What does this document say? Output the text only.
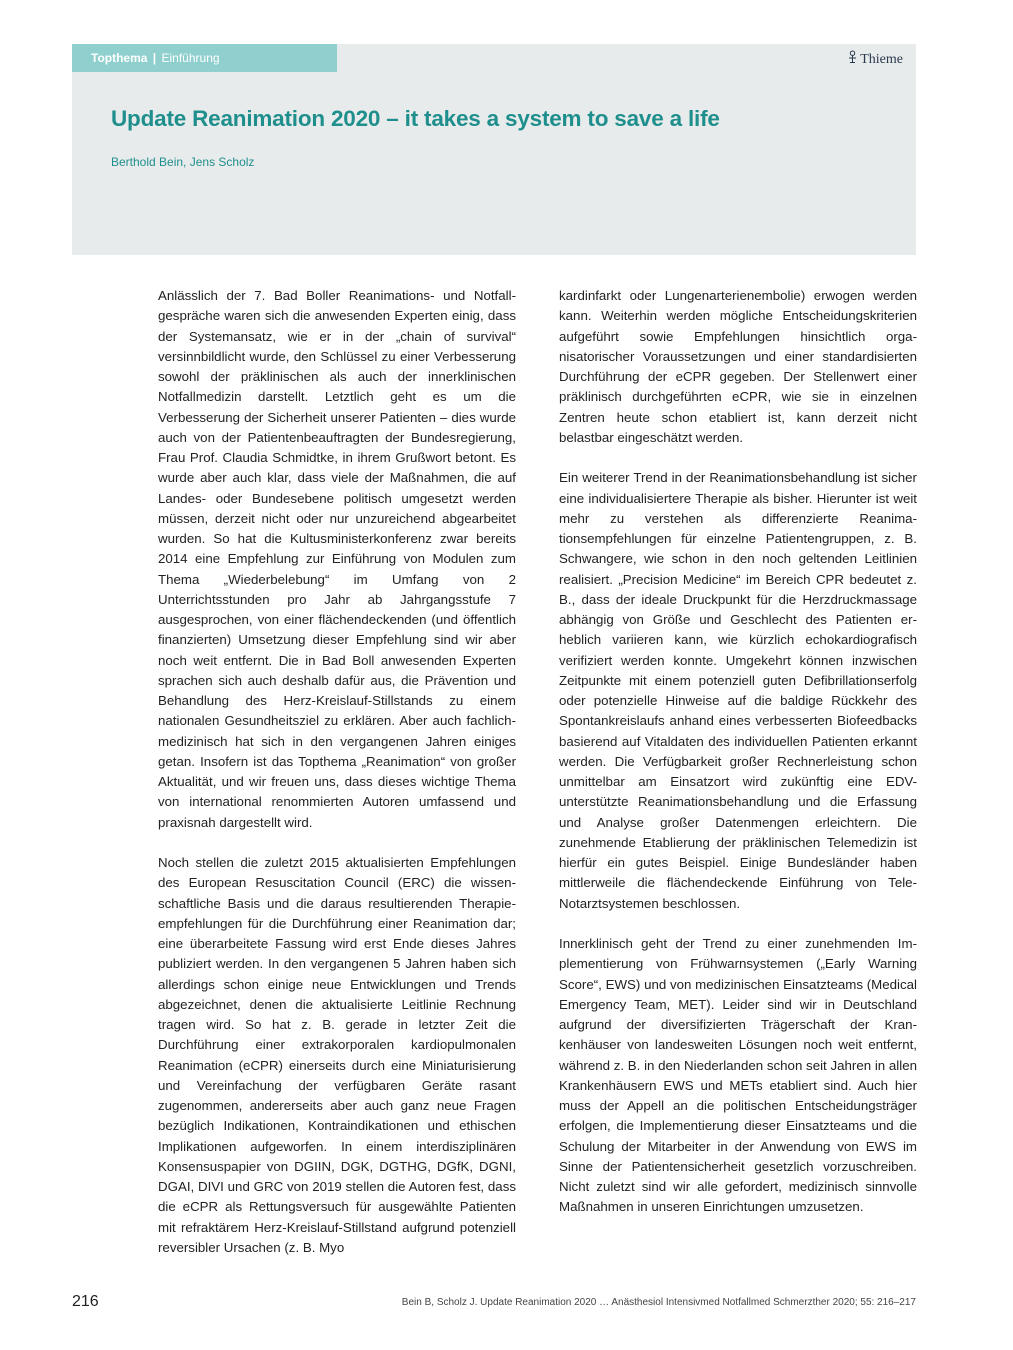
Topthema | Einführung	Thieme
Update Reanimation 2020 – it takes a system to save a life
Berthold Bein, Jens Scholz

Anlässlich der 7. Bad Boller Reanimations- und Notfallgespräche waren sich die anwesenden Experten einig, dass der Systemansatz, wie er in der „chain of survival“ versinnbildlicht wurde, den Schlüssel zu einer Verbesserung sowohl der präklinischen als auch der innerklinischen Notfallmedizin darstellt. Letztlich geht es um die Verbesserung der Sicherheit unserer Patienten – dies wurde auch von der Patientenbeauftragten der Bundesregierung, Frau Prof. Claudia Schmidtke, in ihrem Grußwort betont. Es wurde aber auch klar, dass viele der Maßnahmen, die auf Landes- oder Bundesebene politisch umgesetzt werden müssen, derzeit nicht oder nur unzureichend abgearbeitet wurden. So hat die Kultusministerkonferenz zwar bereits 2014 eine Empfehlung zur Einführung von Modulen zum Thema „Wiederbelebung“ im Umfang von 2 Unterrichtsstunden pro Jahr ab Jahrgangsstufe 7 ausgesprochen, von einer flächendeckenden (und öffentlich finanzierten) Umsetzung dieser Empfehlung sind wir aber noch weit entfernt. Die in Bad Boll anwesenden Experten sprachen sich auch deshalb dafür aus, die Prävention und Behandlung des Herz-Kreislauf-Stillstands zu einem nationalen Gesundheitsziel zu erklären. Aber auch fachlich-medizinisch hat sich in den vergangenen Jahren einiges getan. Insofern ist das Topthema „Reanimation“ von großer Aktualität, und wir freuen uns, dass dieses wichtige Thema von international renommierten Autoren umfassend und praxisnah dargestellt wird.

Noch stellen die zuletzt 2015 aktualisierten Empfehlungen des European Resuscitation Council (ERC) die wissenschaftliche Basis und die daraus resultierenden Therapieempfehlungen für die Durchführung einer Reanimation dar; eine überarbeitete Fassung wird erst Ende dieses Jahres publiziert werden. In den vergangenen 5 Jahren haben sich allerdings schon einige neue Entwicklungen und Trends abgezeichnet, denen die aktualisierte Leitlinie Rechnung tragen wird. So hat z. B. gerade in letzter Zeit die Durchführung einer extrakorporalen kardiopulmonalen Reanimation (eCPR) einerseits durch eine Miniaturisierung und Vereinfachung der verfügbaren Geräte rasant zugenommen, andererseits aber auch ganz neue Fragen bezüglich Indikationen, Kontraindikationen und ethischen Implikationen aufgeworfen. In einem interdisziplinären Konsensuspapier von DGIIN, DGK, DGTHG, DGfK, DGNI, DGAI, DIVI und GRC von 2019 stellen die Autoren fest, dass die eCPR als Rettungsversuch für ausgewählte Patienten mit refraktärem Herz-Kreislauf-Stillstand aufgrund potenziell reversibler Ursachen (z. B. Myo

kardinfarkt oder Lungenarterienembolie) erwogen werden kann. Weiterhin werden mögliche Entscheidungskriterien aufgeführt sowie Empfehlungen hinsichtlich organisatorischer Voraussetzungen und einer standardisierten Durchführung der eCPR gegeben. Der Stellenwert einer präklinisch durchgeführten eCPR, wie sie in einzelnen Zentren heute schon etabliert ist, kann derzeit nicht belastbar eingeschätzt werden.

Ein weiterer Trend in der Reanimationsbehandlung ist sicher eine individualisiertere Therapie als bisher. Hierunter ist weit mehr zu verstehen als differenzierte Reanimationsempfehlungen für einzelne Patientengruppen, z. B. Schwangere, wie schon in den noch geltenden Leitlinien realisiert. „Precision Medicine“ im Bereich CPR bedeutet z. B., dass der ideale Druckpunkt für die Herzdruckmassage abhängig von Größe und Geschlecht des Patienten erheblich variieren kann, wie kürzlich echokardiografisch verifiziert werden konnte. Umgekehrt können inzwischen Zeitpunkte mit einem potenziell guten Defibrillationserfolg oder potenzielle Hinweise auf die baldige Rückkehr des Spontankreislaufs anhand eines verbesserten Biofeedbacks basierend auf Vitaldaten des individuellen Patienten erkannt werden. Die Verfügbarkeit großer Rechnerleistung schon unmittelbar am Einsatzort wird zukünftig eine EDV-unterstützte Reanimationsbehandlung und die Erfassung und Analyse großer Datenmengen erleichtern. Die zunehmende Etablierung der präklinischen Telemedizin ist hierfür ein gutes Beispiel. Einige Bundesländer haben mittlerweile die flächendeckende Einführung von Tele-Notarztsystemen beschlossen.

Innerklinisch geht der Trend zu einer zunehmenden Implementierung von Frühwarnsystemen („Early Warning Score“, EWS) und von medizinischen Einsatzteams (Medical Emergency Team, MET). Leider sind wir in Deutschland aufgrund der diversifizierten Trägerschaft der Krankenhäuser von landesweiten Lösungen noch weit entfernt, während z. B. in den Niederlanden schon seit Jahren in allen Krankenhäusern EWS und METs etabliert sind. Auch hier muss der Appell an die politischen Entscheidungsträger erfolgen, die Implementierung dieser Einsatzteams und die Schulung der Mitarbeiter in der Anwendung von EWS im Sinne der Patientensicherheit gesetzlich vorzuschreiben. Nicht zuletzt sind wir alle gefordert, medizinisch sinnvolle Maßnahmen in unseren Einrichtungen umzusetzen.

216	Bein B, Scholz J. Update Reanimation 2020 … Anästhesiol Intensivmed Notfallmed Schmerzther 2020; 55: 216–217
